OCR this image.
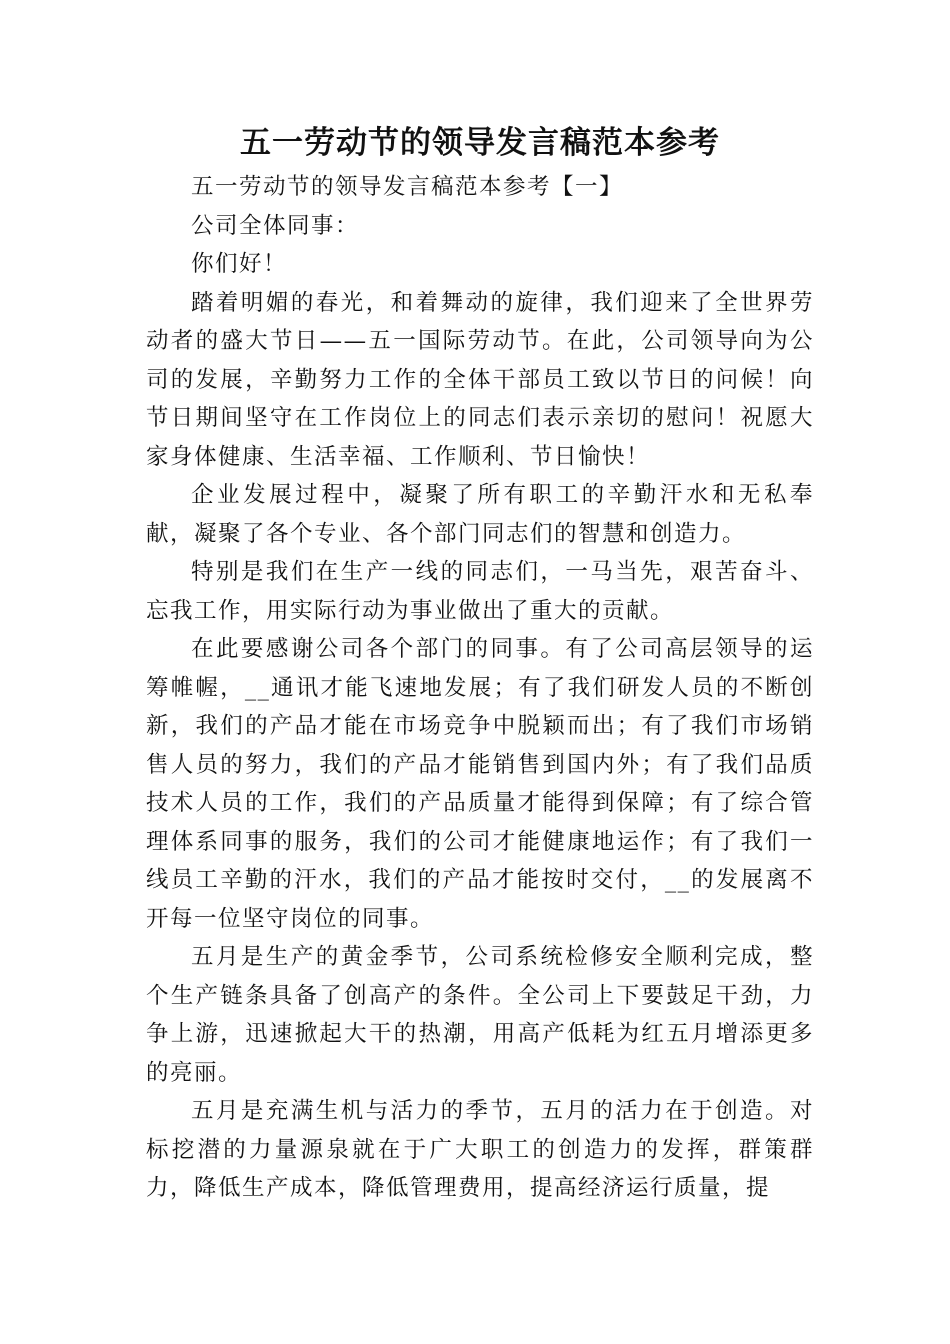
五一劳动节的领导发言稿范本参考

五一劳动节的领导发言稿范本参考【一】

公司全体同事：

你们好！

踏着明媚的春光，和着舞动的旋律，我们迎来了全世界劳动者的盛大节日——五一国际劳动节。在此，公司领导向为公司的发展，辛勤努力工作的全体干部员工致以节日的问候！向节日期间坚守在工作岗位上的同志们表示亲切的慰问！祝愿大家身体健康、生活幸福、工作顺利、节日愉快！

企业发展过程中，凝聚了所有职工的辛勤汗水和无私奉献，凝聚了各个专业、各个部门同志们的智慧和创造力。

特别是我们在生产一线的同志们，一马当先，艰苦奋斗、忘我工作，用实际行动为事业做出了重大的贡献。

在此要感谢公司各个部门的同事。有了公司高层领导的运筹帷幄，__通讯才能飞速地发展；有了我们研发人员的不断创新，我们的产品才能在市场竞争中脱颖而出；有了我们市场销售人员的努力，我们的产品才能销售到国内外；有了我们品质技术人员的工作，我们的产品质量才能得到保障；有了综合管理体系同事的服务，我们的公司才能健康地运作；有了我们一线员工辛勤的汗水，我们的产品才能按时交付，__的发展离不开每一位坚守岗位的同事。

五月是生产的黄金季节，公司系统检修安全顺利完成，整个生产链条具备了创高产的条件。全公司上下要鼓足干劲，力争上游，迅速掀起大干的热潮，用高产低耗为红五月增添更多的亮丽。

五月是充满生机与活力的季节，五月的活力在于创造。对标挖潜的力量源泉就在于广大职工的创造力的发挥，群策群力，降低生产成本，降低管理费用，提高经济运行质量，提
